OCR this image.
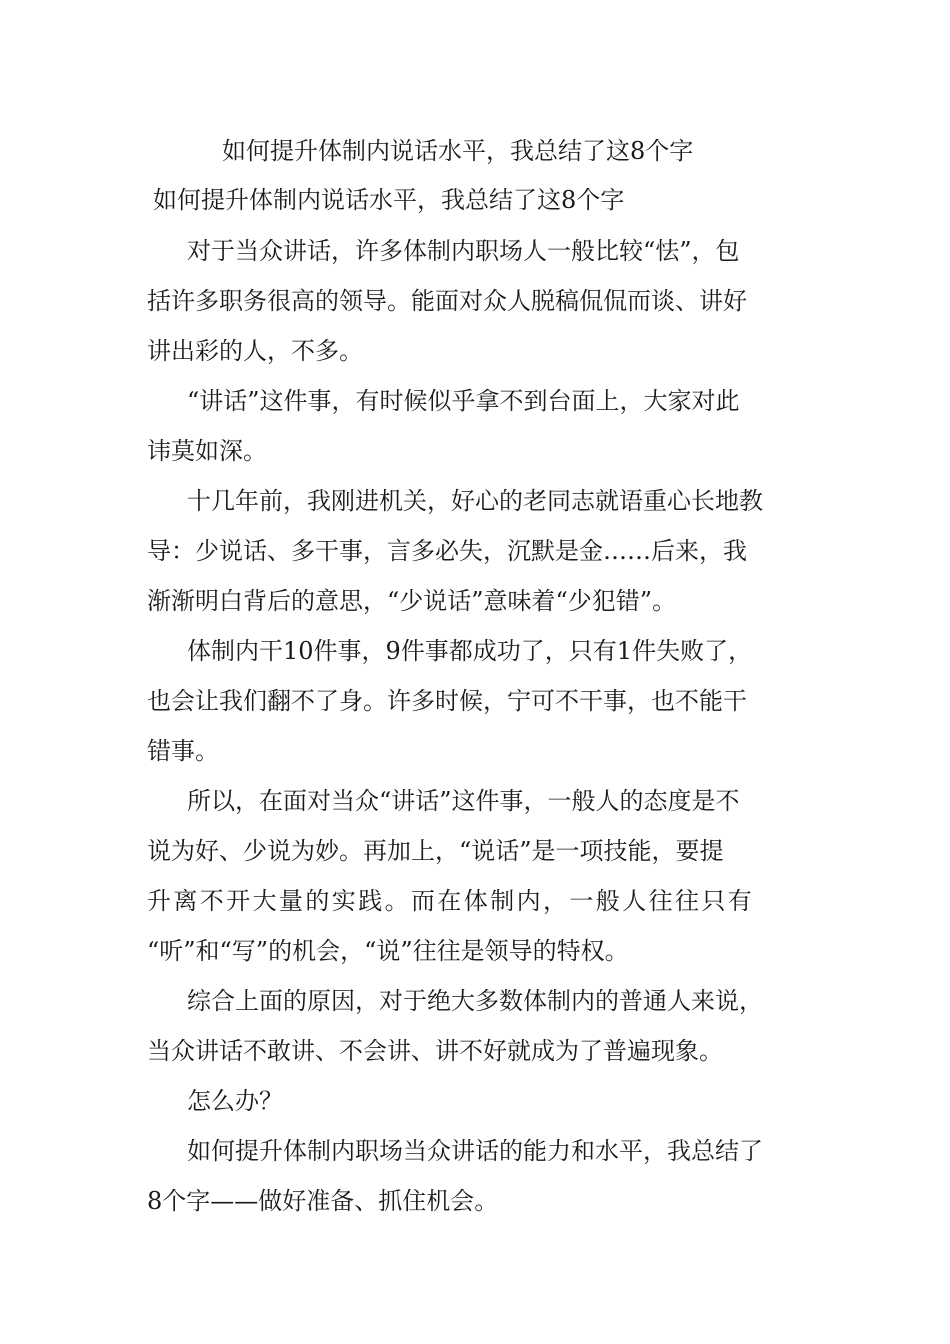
如何提升体制内说话水平，我总结了这8个字
如何提升体制内说话水平，我总结了这8个字
对于当众讲话，许多体制内职场人一般比较“怯”，包
括许多职务很高的领导。能面对众人脱稿侃侃而谈、讲好
讲出彩的人，不多。
“讲话”这件事，有时候似乎拿不到台面上，大家对此
讳莫如深。
十几年前，我刚进机关，好心的老同志就语重心长地教
导：少说话、多干事，言多必失，沉默是金……后来，我
渐渐明白背后的意思，“少说话”意味着“少犯错”。
体制内干10件事，9件事都成功了，只有1件失败了，
也会让我们翻不了身。许多时候，宁可不干事，也不能干
错事。
所以，在面对当众“讲话”这件事，一般人的态度是不
说为好、少说为妙。再加上，“说话”是一项技能，要提
升离不开大量的实践。而在体制内，一般人往往只有
“听”和“写”的机会，“说”往往是领导的特权。
综合上面的原因，对于绝大多数体制内的普通人来说，
当众讲话不敢讲、不会讲、讲不好就成为了普遍现象。
怎么办？
如何提升体制内职场当众讲话的能力和水平，我总结了
8个字——做好准备、抓住机会。
